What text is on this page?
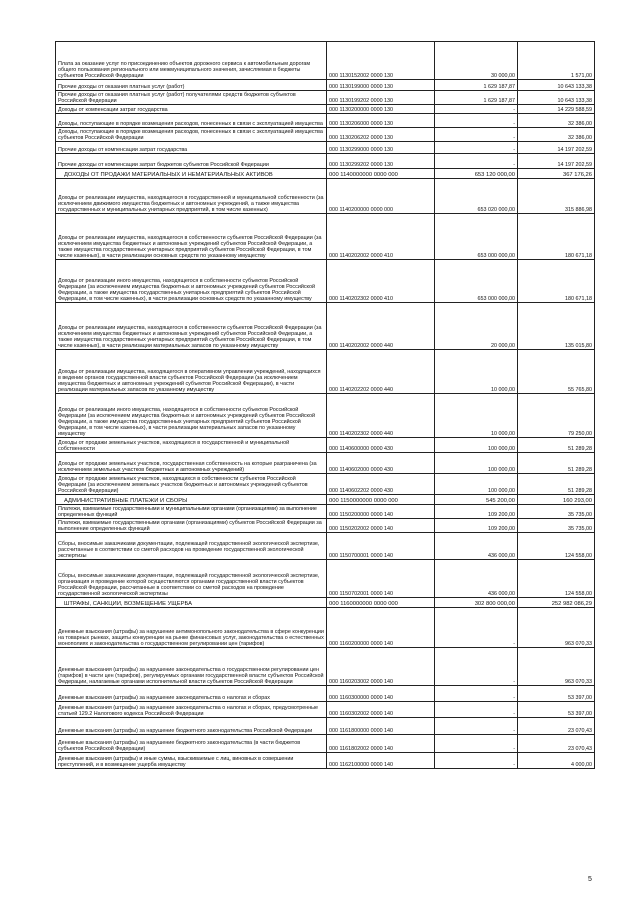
Плата за оказание услуг по присоединению объектов дорожного сервиса к автомобильным дорогам общего пользования регионального или межмуниципального значения, зачисляемая в бюджеты субъектов Российской Федерации	000 1130152002 0000 130	30 000,00	1 571,00
Прочие доходы от оказания платных услуг (работ)	000 1130199000 0000 130	1 629 187,87	10 643 133,38
Прочие доходы от оказания платных услуг (работ) получателями средств бюджетов субъектов Российской Федерации	000 1130199202 0000 130	1 629 187,87	10 643 133,38
Доходы от компенсации затрат государства	000 1130200000 0000 130	-	14 229 588,59
Доходы, поступающие в порядке возмещения расходов, понесенных в связи с эксплуатацией имущества	000 1130206000 0000 130	-	32 386,00
Доходы, поступающие в порядке возмещения расходов, понесенных в связи с эксплуатацией имущества субъектов Российской Федерации	000 1130206202 0000 130	-	32 386,00
Прочие доходы от компенсации затрат государства	000 1130299000 0000 130	-	14 197 202,59
Прочие доходы от компенсации затрат бюджетов субъектов Российской Федерации	000 1130299202 0000 130	-	14 197 202,59
ДОХОДЫ ОТ ПРОДАЖИ МАТЕРИАЛЬНЫХ И НЕМАТЕРИАЛЬНЫХ АКТИВОВ	000 1140000000 0000 000	653 120 000,00	367 176,26
Доходы от реализации имущества, находящегося в государственной и муниципальной собственности (за исключением движимого имущества бюджетных и автономных учреждений, а также имущества государственных и муниципальных унитарных предприятий, в том числе казенных)	000 1140200000 0000 000	653 020 000,00	315 886,98
Доходы от реализации имущества, находящегося в собственности субъектов Российской Федерации (за исключением имущества бюджетных и автономных учреждений субъектов Российской Федерации, а также имущества государственных унитарных предприятий субъектов Российской Федерации, в том числе казенных), в части реализации основных средств по указанному имуществу	000 1140202002 0000 410	653 000 000,00	180 671,18
Доходы от реализации иного имущества, находящегося в собственности субъектов Российской Федерации (за исключением имущества бюджетных и автономных учреждений субъектов Российской Федерации, а также имущества государственных унитарных предприятий субъектов Российской Федерации, в том числе казенных), в части реализации основных средств по указанному имуществу	000 1140202302 0000 410	653 000 000,00	180 671,18
Доходы от реализации имущества, находящегося в собственности субъектов Российской Федерации (за исключением имущества бюджетных и автономных учреждений субъектов Российской Федерации, а также имущества государственных унитарных предприятий субъектов Российской Федерации, в том числе казенных), в части реализации материальных запасов по указанному имуществу	000 1140202002 0000 440	20 000,00	135 015,80
Доходы от реализации имущества, находящегося в оперативном управлении учреждений, находящихся в ведении органов государственной власти субъектов Российской Федерации (за исключением имущества бюджетных и автономных учреждений субъектов Российской Федерации), в части реализации материальных запасов по указанному имуществу	000 1140202202 0000 440	10 000,00	55 765,80
Доходы от реализации иного имущества, находящегося в собственности субъектов Российской Федерации (за исключением имущества бюджетных и автономных учреждений субъектов Российской Федерации, а также имущества государственных унитарных предприятий субъектов Российской Федерации, в том числе казенных), в части реализации материальных запасов по указанному имуществу	000 1140202302 0000 440	10 000,00	79 250,00
Доходы от продажи земельных участков, находящихся в государственной и муниципальной собственности	000 1140600000 0000 430	100 000,00	51 289,28
Доходы от продажи земельных участков, государственная собственность на которые разграничена (за исключением земельных участков бюджетных и автономных учреждений)	000 1140602000 0000 430	100 000,00	51 289,28
Доходы от продажи земельных участков, находящихся в собственности субъектов Российской Федерации (за исключением земельных участков бюджетных и автономных учреждений субъектов Российской Федерации)	000 1140602202 0000 430	100 000,00	51 289,28
АДМИНИСТРАТИВНЫЕ ПЛАТЕЖИ И СБОРЫ	000 1150000000 0000 000	545 200,00	160 293,00
Платежи, взимаемые государственными и муниципальными органами (организациями) за выполнение определенных функций	000 1150200000 0000 140	109 200,00	35 735,00
Платежи, взимаемые государственными органами (организациями) субъектов Российской Федерации за выполнение определенных функций	000 1150202002 0000 140	109 200,00	35 735,00
Сборы, вносимые заказчиками документации, подлежащей государственной экологической экспертизе, рассчитанные в соответствии со сметой расходов на проведение государственной экологической экспертизы	000 1150700001 0000 140	436 000,00	124 558,00
Сборы, вносимые заказчиками документации, подлежащей государственной экологической экспертизе, организация и проведение которой осуществляются органами государственной власти субъектов Российской Федерации, рассчитанные в соответствии со сметой расходов на проведение государственной экологической экспертизы	000 1150702001 0000 140	436 000,00	124 558,00
ШТРАФЫ, САНКЦИИ, ВОЗМЕЩЕНИЕ УЩЕРБА	000 1160000000 0000 000	302 800 000,00	252 982 086,29
Денежные взыскания (штрафы) за нарушение антимонопольного законодательства в сфере конкуренции на товарных рынках, защиты конкуренции на рынке финансовых услуг, законодательства о естественных монополиях и законодательства о государственном регулировании цен (тарифов)	000 1160200000 0000 140	-	963 070,33
Денежные взыскания (штрафы) за нарушение законодательства о государственном регулировании цен (тарифов) в части цен (тарифов), регулируемых органами государственной власти субъектов Российской Федерации, налагаемые органами исполнительной власти субъектов Российской Федерации	000 1160203002 0000 140	-	963 070,33
Денежные взыскания (штрафы) за нарушение законодательства о налогах и сборах	000 1160300000 0000 140	-	53 397,00
Денежные взыскания (штрафы) за нарушение законодательства о налогах и сборах, предусмотренные статьей 129.2 Налогового кодекса Российской Федерации	000 1160302002 0000 140	-	53 397,00
Денежные взыскания (штрафы) за нарушение бюджетного законодательства Российской Федерации	000 1161800000 0000 140	-	23 070,43
Денежные взыскания (штрафы) за нарушение бюджетного законодательства (в части бюджетов субъектов Российской Федерации)	000 1161802002 0000 140	-	23 070,43
Денежные взыскания (штрафы) и иные суммы, взыскиваемые с лиц, виновных в совершении преступлений, и в возмещение ущерба имуществу	000 1162100000 0000 140	-	4 000,00
5
